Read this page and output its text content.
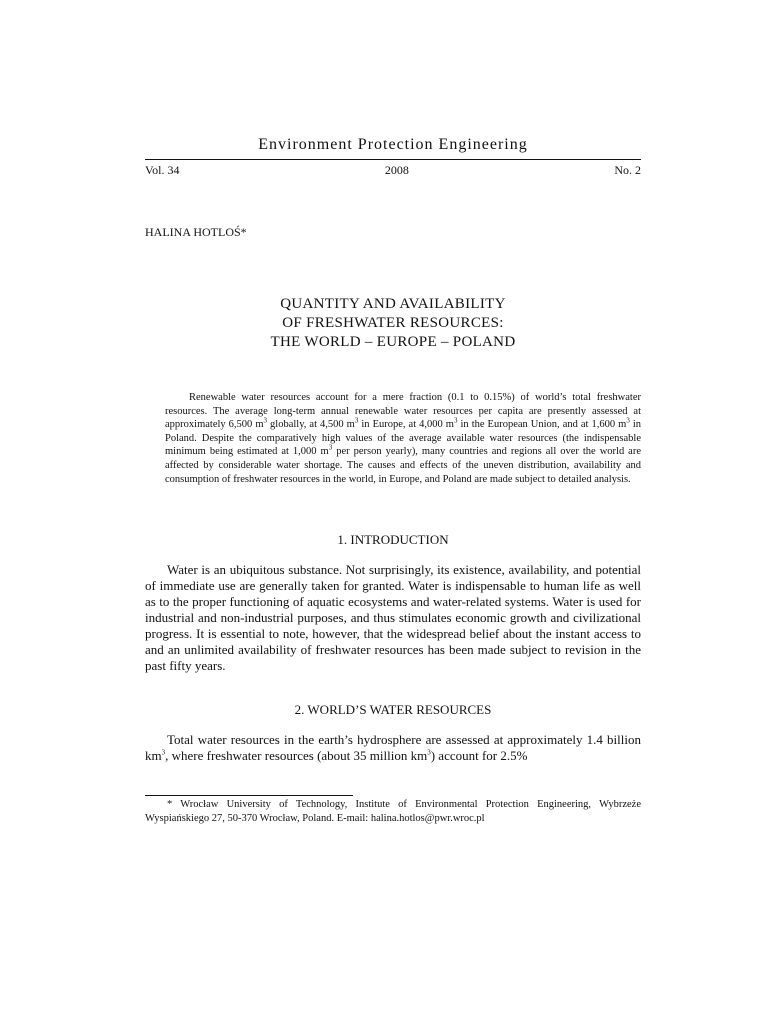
Environment Protection Engineering
Vol. 34	2008	No. 2
HALINA HOTLOŚ*
QUANTITY AND AVAILABILITY
OF FRESHWATER RESOURCES:
THE WORLD – EUROPE – POLAND

Renewable water resources account for a mere fraction (0.1 to 0.15%) of world’s total freshwater resources. The average long-term annual renewable water resources per capita are presently assessed at approximately 6,500 $m^3$ globally, at 4,500 $m^3$ in Europe, at 4,000 $m^3$ in the European Union, and at 1,600 $m^3$ in Poland. Despite the comparatively high values of the average available water resources (the indispensable minimum being estimated at 1,000 $m^3$ per person yearly), many countries and regions all over the world are affected by considerable water shortage. The causes and effects of the uneven distribution, availability and consumption of freshwater resources in the world, in Europe, and Poland are made subject to detailed analysis.

1. INTRODUCTION

Water is an ubiquitous substance. Not surprisingly, its existence, availability, and potential of immediate use are generally taken for granted. Water is indispensable to human life as well as to the proper functioning of aquatic ecosystems and water-related systems. Water is used for industrial and non-industrial purposes, and thus stimulates economic growth and civilizational progress. It is essential to note, however, that the widespread belief about the instant access to and an unlimited availability of freshwater resources has been made subject to revision in the past fifty years.

2. WORLD’S WATER RESOURCES

Total water resources in the earth’s hydrosphere are assessed at approximately 1.4 billion $km^3$, where freshwater resources (about 35 million $km^3$) account for 2.5%

* Wrocław University of Technology, Institute of Environmental Protection Engineering, Wybrzeże Wyspiańskiego 27, 50-370 Wrocław, Poland. E-mail: halina.hotlos@pwr.wroc.pl
